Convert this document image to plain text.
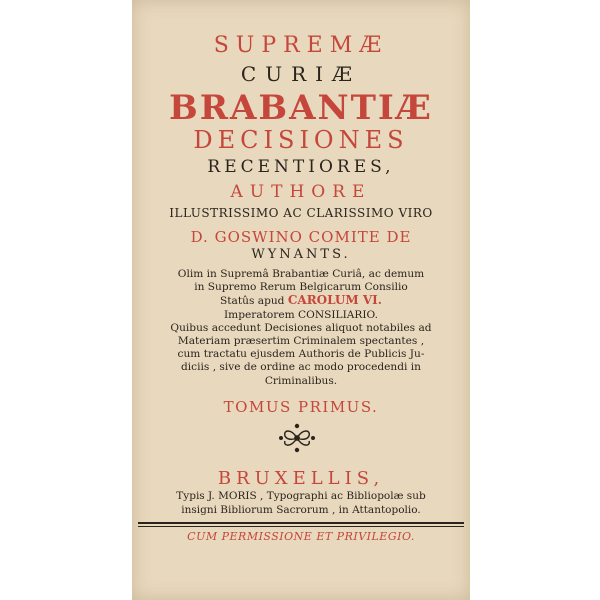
SUPREMÆ
CURIÆ
BRABANTIÆ
DECISIONES
RECENTIORES,
AUTHORE
ILLUSTRISSIMO AC CLARISSIMO VIRO
D. GOSWINO COMITE DE
WYNANTS.
Olim in Supremâ Brabantiæ Curiâ, ac demum
in Supremo Rerum Belgicarum Consilio
Statûs apud CAROLUM VI.
Imperatorem CONSILIARIO.
Quibus accedunt Decisiones aliquot notabiles ad
Materiam præsertim Criminalem spectantes ,
cum tractatu ejusdem Authoris de Publicis Ju-
diciis , sive de ordine ac modo procedendi in
Criminalibus.
TOMUS PRIMUS.
BRUXELLIS,
Typis J. MORIS , Typographi ac Bibliopolæ sub
insigni Bibliorum Sacrorum , in Attantopolio.
CUM PERMISSIONE ET PRIVILEGIO.
